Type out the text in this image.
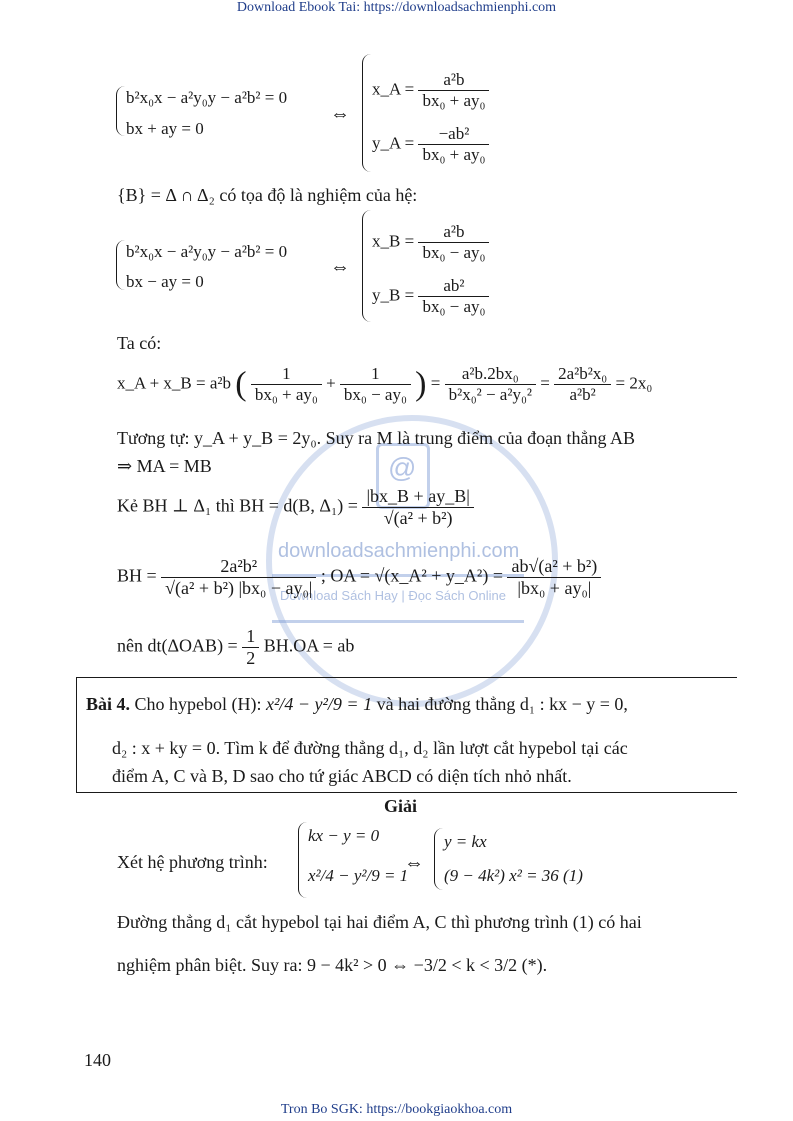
Download Ebook Tai: https://downloadsachmienphi.com
Tron Bo SGK: https://bookgiaokhoa.com
@
downloadsachmienphi.com
Download Sách Hay | Đọc Sách Online
b²x₀x − a²y₀y − a²b² = 0
bx + ay = 0
⇔
x_A = $\frac{\text{a²b}}{\text{bx₀ + ay₀}}$
y_A = $\frac{\text{−ab²}}{\text{bx₀ + ay₀}}$
{B} = Δ ∩ Δ₂ có tọa độ là nghiệm của hệ:
b²x₀x − a²y₀y − a²b² = 0
bx − ay = 0
⇔
x_B = $\frac{\text{a²b}}{\text{bx₀ − ay₀}}$
y_B = $\frac{\text{ab²}}{\text{bx₀ − ay₀}}$
Ta có:
x_A + x_B = a²b ( $\frac{1}{\text{bx₀ + ay₀}} + \frac{1}{\text{bx₀ − ay₀}}$ ) = $\frac{\text{a²b.2bx₀}}{\text{b²x₀² − a²y₀²}} = \frac{\text{2a²b²x₀}}{\text{a²b²}} = 2x_0$
Tương tự: y_A + y_B = 2y₀. Suy ra M là trung điểm của đoạn thẳng AB
⇒ MA = MB
Kẻ BH ⊥ Δ₁ thì BH = d(B, $\Delta_1) = \frac{|bx\_B + ay\_B|}{\text{√(a² + b²)}}$
BH = $\frac{\text{2a²b²}}{\text{√(a² + b²) |bx₀ − ay₀|}}$ ; OA = √(x_A² + y_A²) = $\frac{\text{ab√(a² + b²)}}{\text{|bx₀ + ay₀|}}$
nên $dt(\Delta OAB) = \frac{1}{2} BH.OA$ = ab
Bài 4. Cho hypebol (H): x²/4 − y²/9 = 1 và hai đường thẳng d₁ : kx − y = 0,
d₂ : x + ky = 0. Tìm k để đường thẳng d₁, d₂ lần lượt cắt hypebol tại các
điểm A, C và B, D sao cho tứ giác ABCD có diện tích nhỏ nhất.
Giải
Xét hệ phương trình:
kx − y = 0
x²/4 − y²/9 = 1
⇔
y = kx
(9 − 4k²) x² = 36 (1)
Đường thẳng d₁ cắt hypebol tại hai điểm A, C thì phương trình (1) có hai
nghiệm phân biệt. Suy ra: 9 − 4k² > 0 ⇔ −3/2 < k < 3/2 (*).
140
